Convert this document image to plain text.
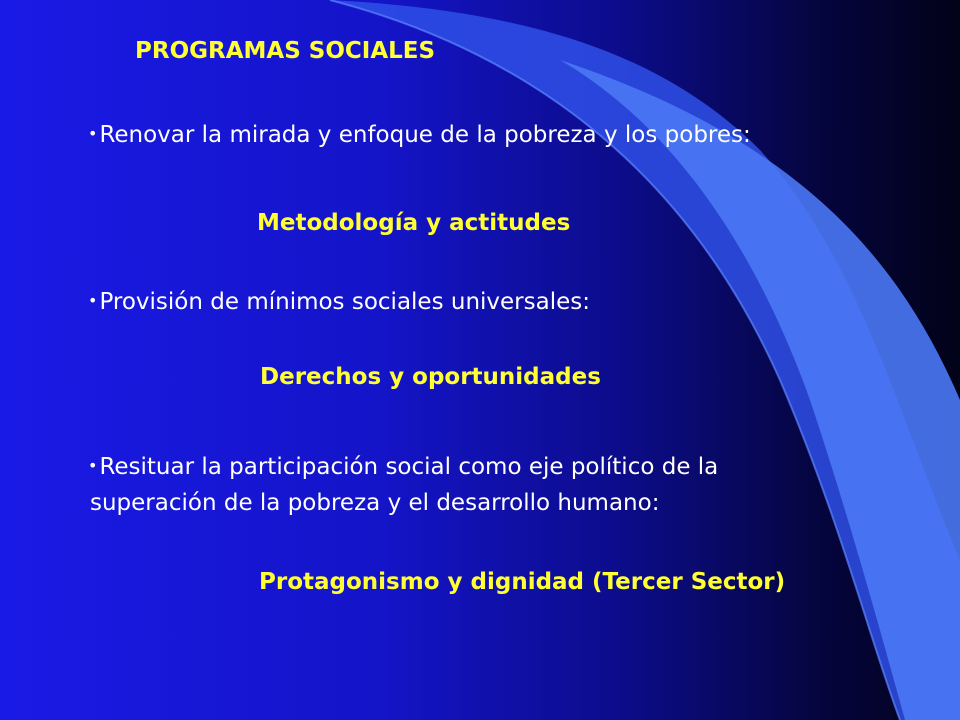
PROGRAMAS SOCIALES
•Renovar la mirada y enfoque de la pobreza y los pobres:
Metodología y actitudes
•Provisión de mínimos sociales universales:
Derechos y oportunidades
•Resituar la participación social como eje político de la
superación de la pobreza y el desarrollo humano:
Protagonismo y dignidad (Tercer Sector)
